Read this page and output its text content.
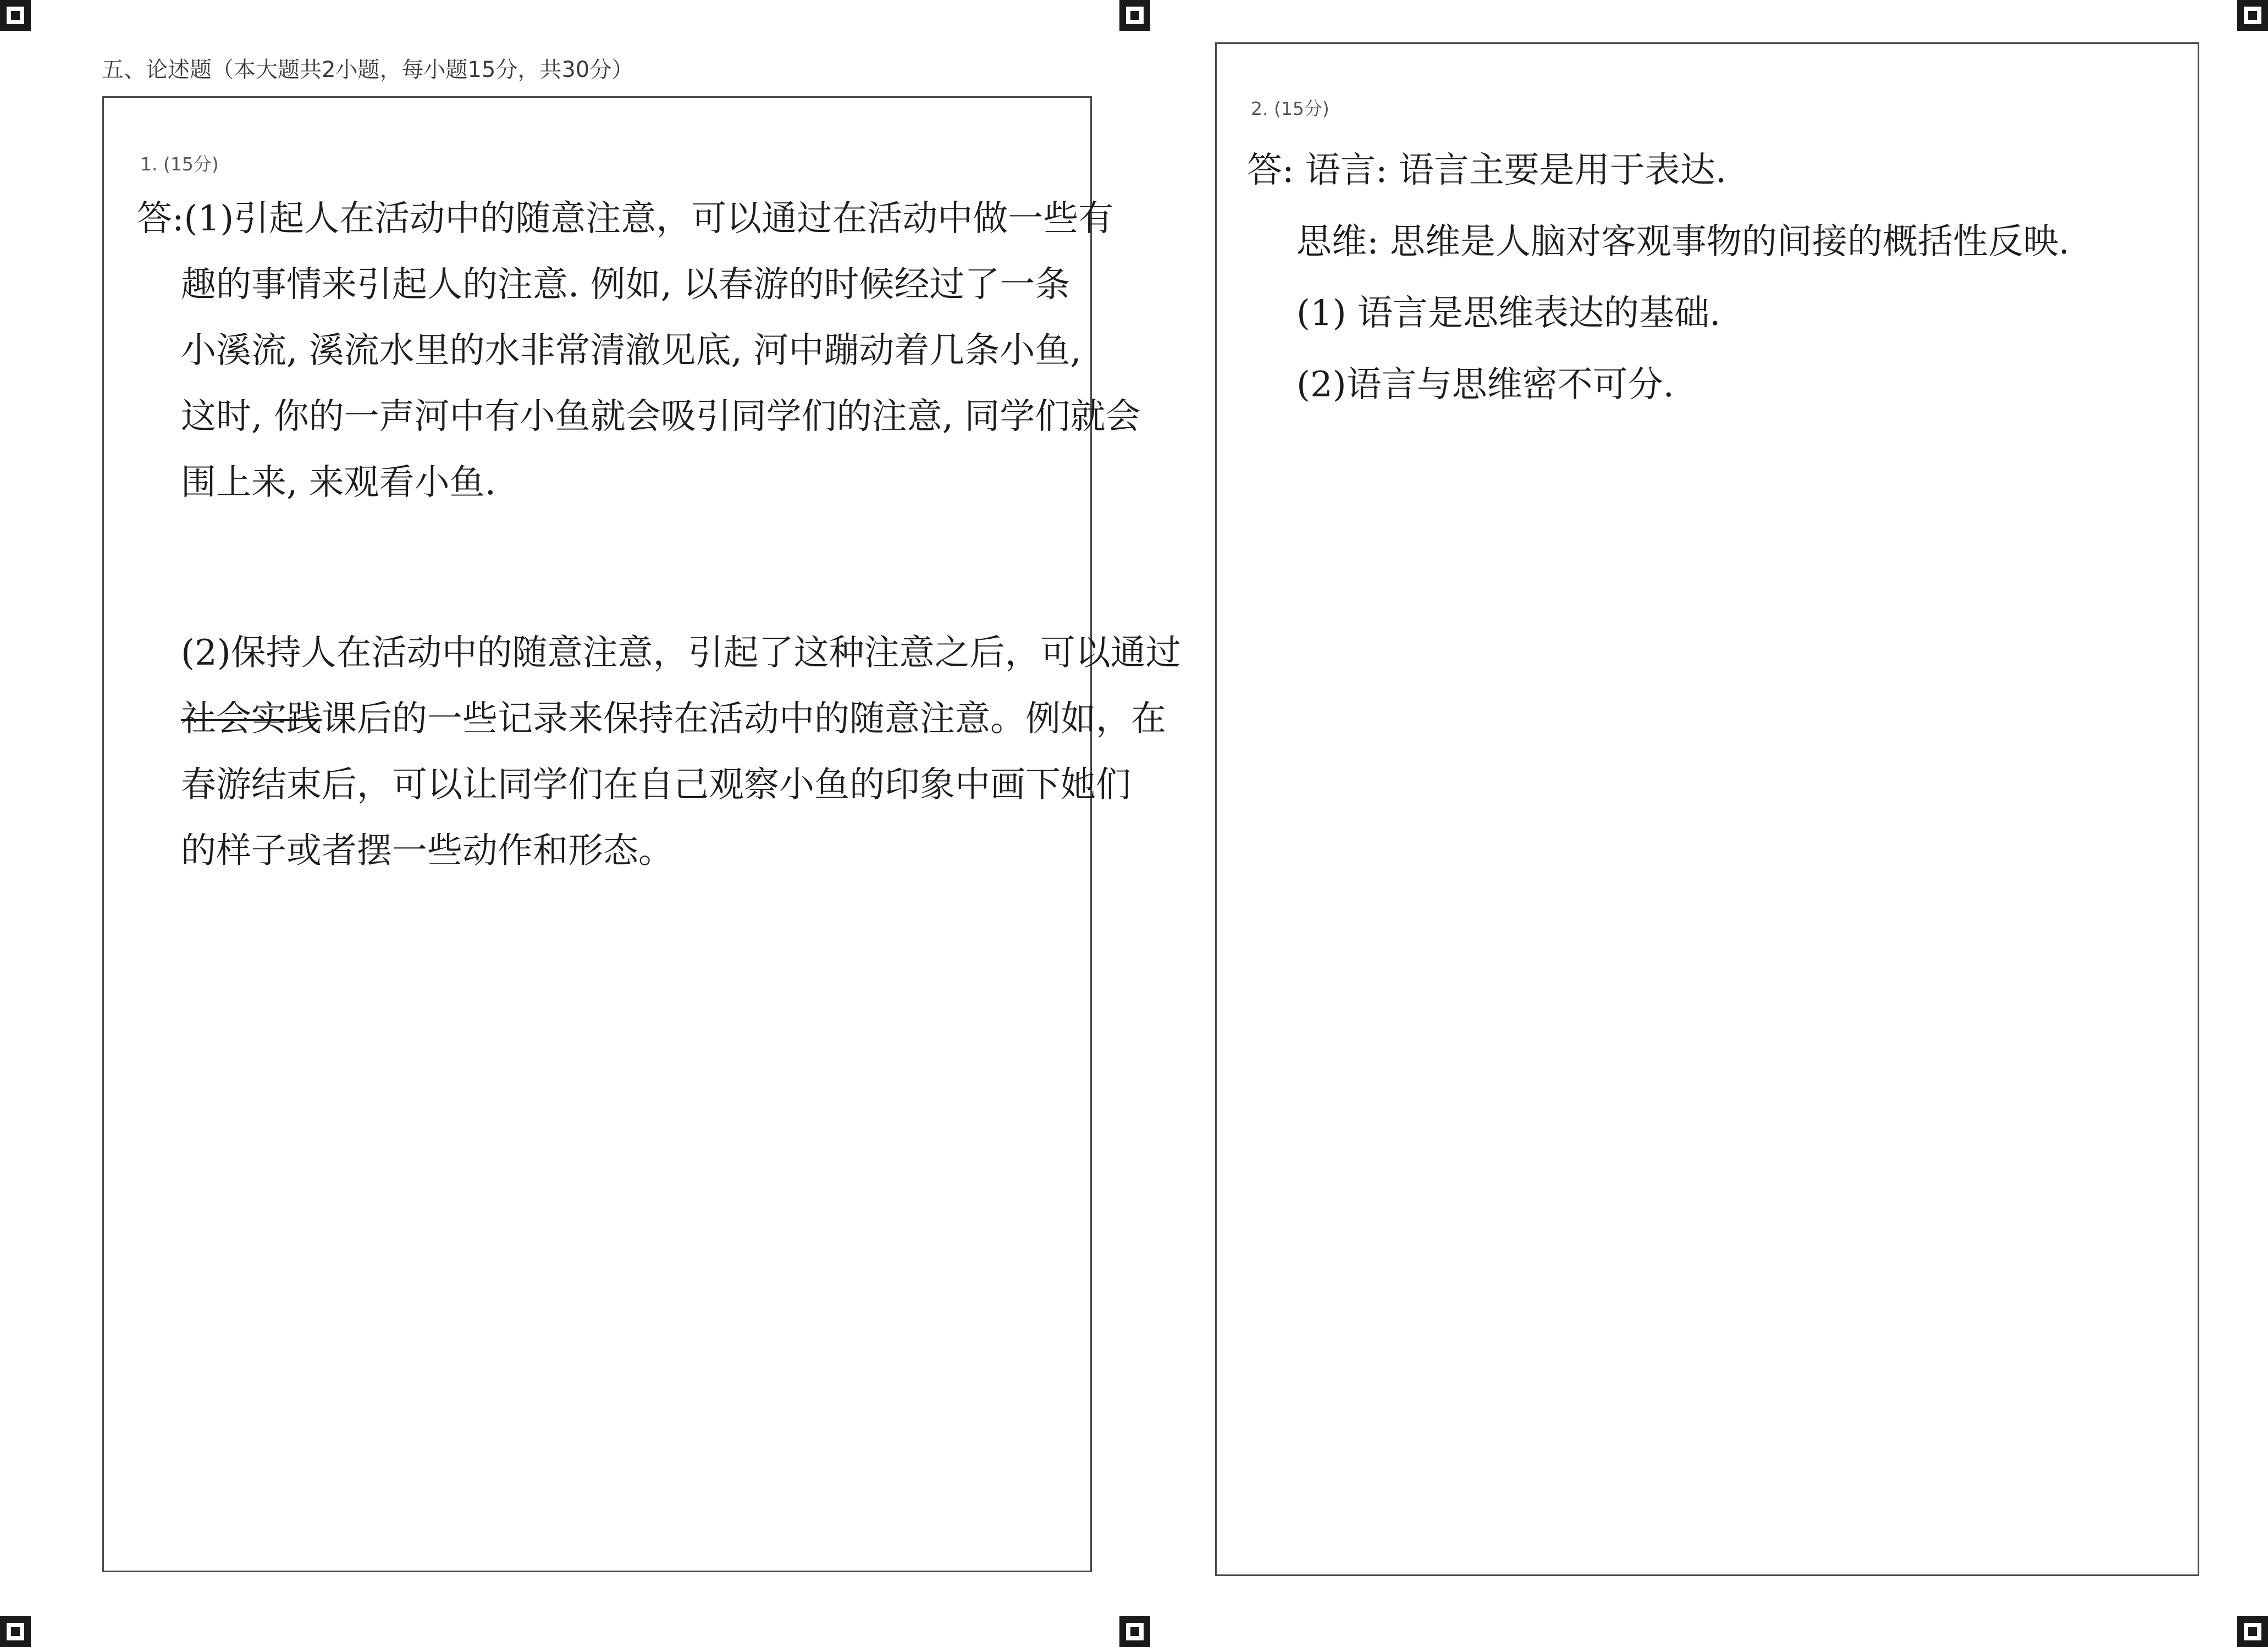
五、论述题（本大题共2小题，每小题15分，共30分）
1. (15分)
答:(1)引起人在活动中的随意注意，可以通过在活动中做一些有
趣的事情来引起人的注意. 例如, 以春游的时候经过了一条
小溪流, 溪流水里的水非常清澈见底, 河中蹦动着几条小鱼,
这时, 你的一声河中有小鱼就会吸引同学们的注意, 同学们就会
围上来, 来观看小鱼.
(2)保持人在活动中的随意注意，引起了这种注意之后，可以通过
社会实践课后的一些记录来保持在活动中的随意注意。例如，在
春游结束后，可以让同学们在自己观察小鱼的印象中画下她们
的样子或者摆一些动作和形态。
2. (15分)
答: 语言: 语言主要是用于表达.
思维: 思维是人脑对客观事物的间接的概括性反映.
(1) 语言是思维表达的基础.
(2)语言与思维密不可分.
